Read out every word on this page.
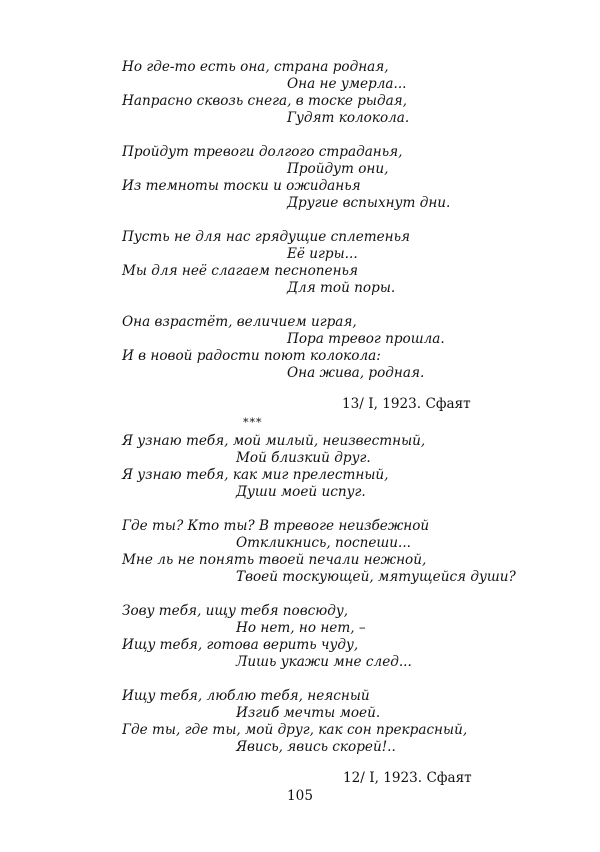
Но где-то есть она, страна родная,

Она не умерла...

Напрасно сквозь снега, в тоске рыдая,

Гудят колокола.

Пройдут тревоги долгого страданья,

Пройдут они,

Из темноты тоски и ожиданья

Другие вспыхнут дни.

Пусть не для нас грядущие сплетенья

Её игры...

Мы для неё слагаем песнопенья

Для той поры.

Она взрастёт, величием играя,

Пора тревог прошла.

И в новой радости поют колокола:

Она жива, родная.

13/ I, 1923. Сфаят

***

Я узнаю тебя, мой милый, неизвестный,

Мой близкий друг.

Я узнаю тебя, как миг прелестный,

Души моей испуг.

Где ты? Кто ты? В тревоге неизбежной

Откликнись, поспеши...

Мне ль не понять твоей печали нежной,

Твоей тоскующей, мятущейся души?

Зову тебя, ищу тебя повсюду,

Но нет, но нет, –

Ищу тебя, готова верить чуду,

Лишь укажи мне след...

Ищу тебя, люблю тебя, неясный

Изгиб мечты моей.

Где ты, где ты, мой друг, как сон прекрасный,

Явись, явись скорей!..

12/ I, 1923. Сфаят

105
